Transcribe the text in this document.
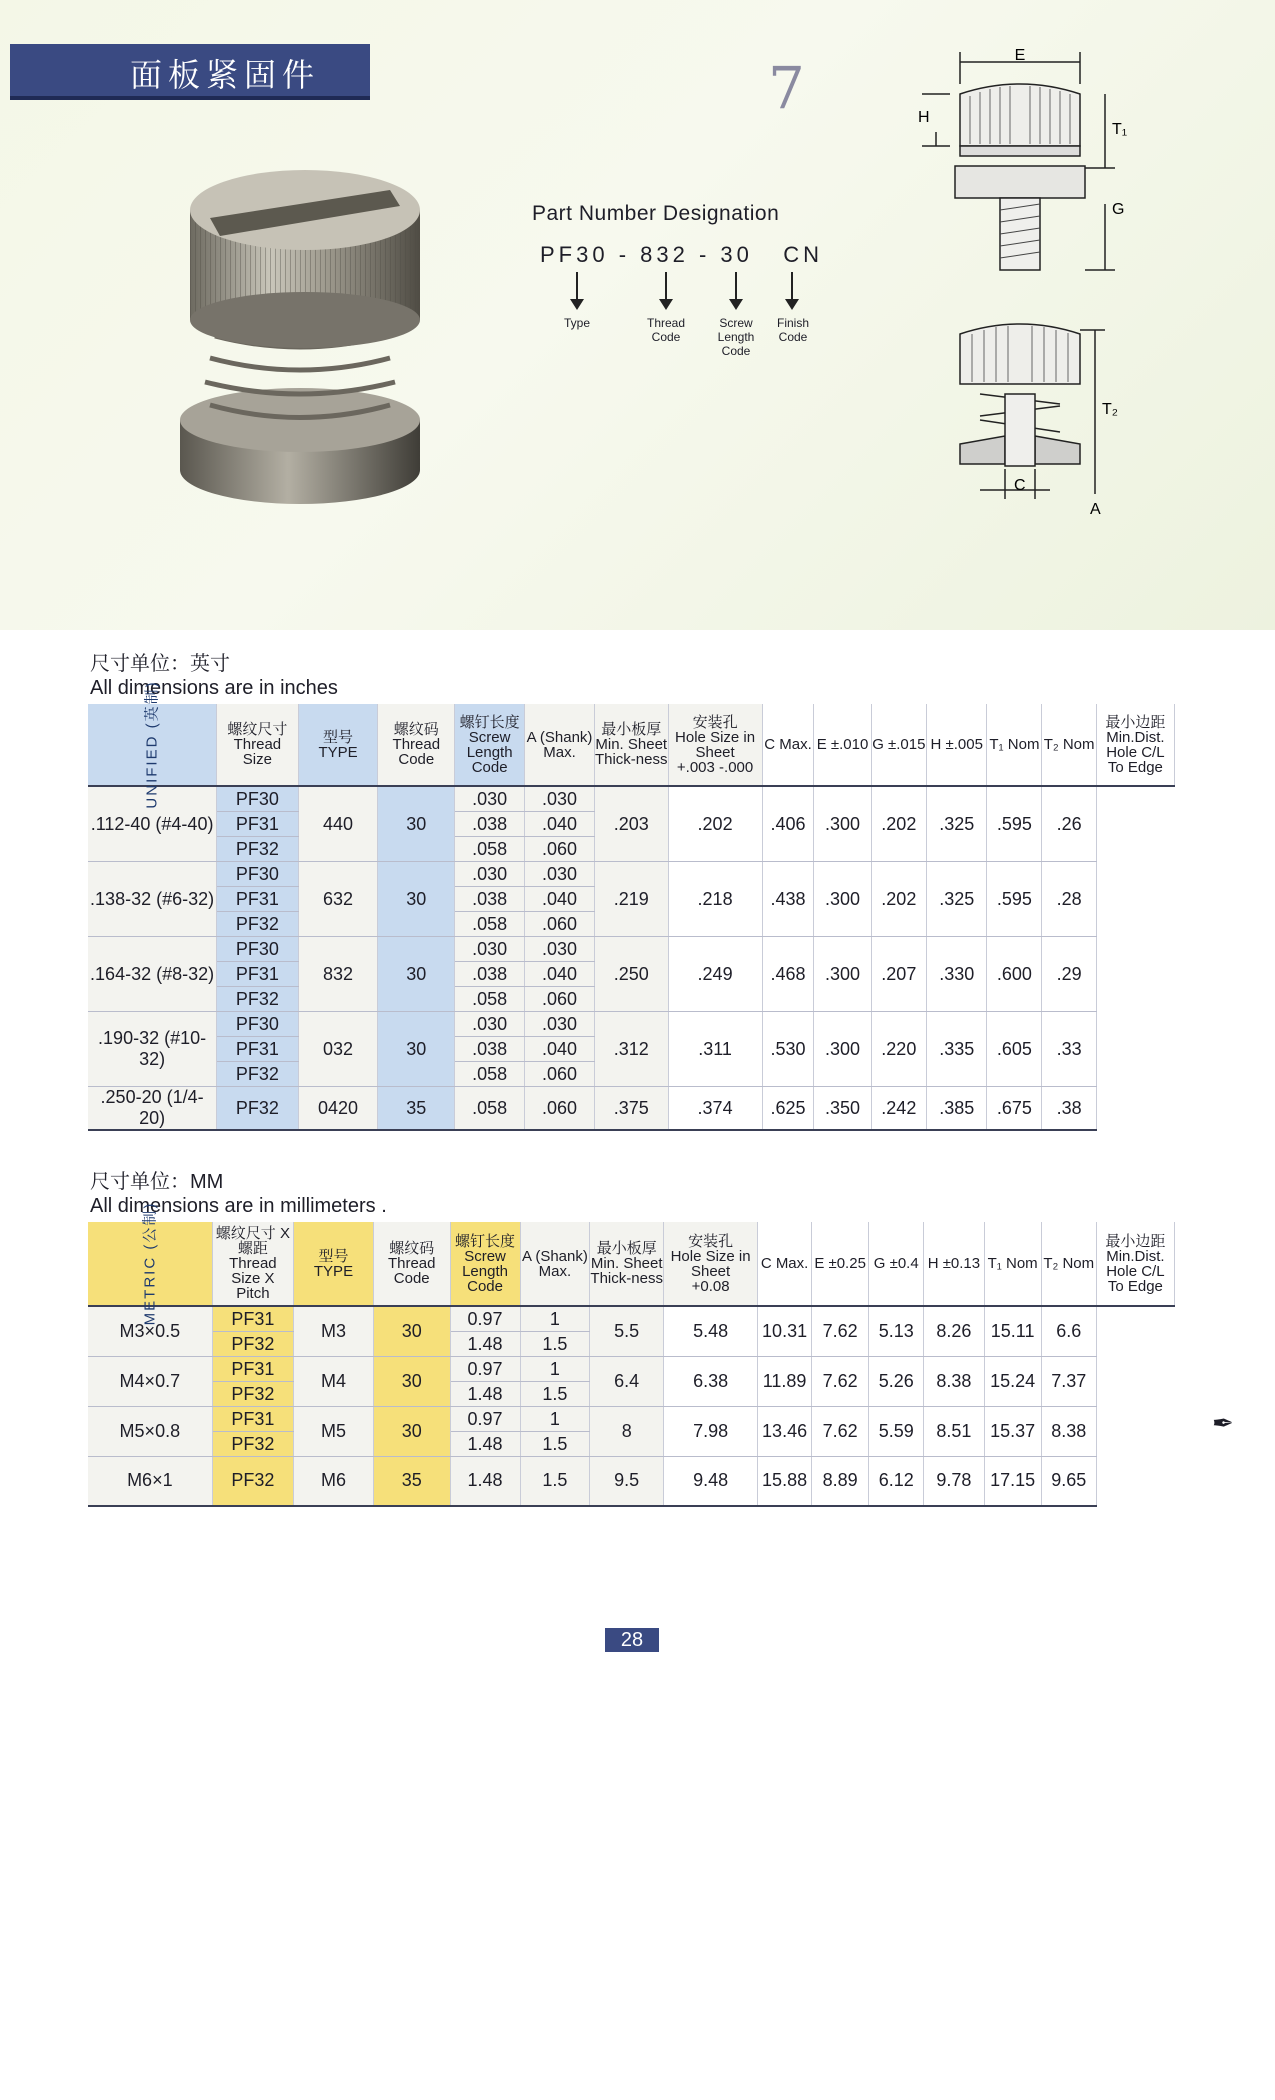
面板紧固件	7
Part Number Designation
PF30 - 832 - 30   CN
Type	Thread Code
Screw Length Code
Finish Code
E
H
T₁
G
T₂
C
A
尺寸单位：英寸
All dimensions are in inches
UNIFIED (英制)	螺纹尺寸
Thread Size	型号
TYPE	螺纹码
Thread Code	螺钉长度
Screw Length Code	A (Shank) Max.	最小板厚
Min. Sheet Thick-ness	安装孔
Hole Size in Sheet
+.003 -.000	C Max.	E ±.010	G ±.015	H ±.005	T₁ Nom	T₂ Nom	最小边距
Min.Dist. Hole C/L To Edge
.112-40 (#4-40)	PF30	440	30	.030	.030	.203	.202	.406	.300	.202	.325	.595	.26	
	PF31			.038	.040									
	PF32			.058	.060									
.138-32 (#6-32)	PF30	632	30	.030	.030	.219	.218	.438	.300	.202	.325	.595	.28	
	PF31			.038	.040									
	PF32			.058	.060									
.164-32 (#8-32)	PF30	832	30	.030	.030	.250	.249	.468	.300	.207	.330	.600	.29	
	PF31			.038	.040									
	PF32			.058	.060									
.190-32 (#10-32)	PF30	032	30	.030	.030	.312	.311	.530	.300	.220	.335	.605	.33	
	PF31			.038	.040									
	PF32			.058	.060									
.250-20 (1/4-20)	PF32	0420	35	.058	.060	.375	.374	.625	.350	.242	.385	.675	.38	
尺寸单位：MM
All dimensions are in millimeters .
METRIC (公制)	螺纹尺寸 X螺距
Thread Size X Pitch	型号
TYPE	螺纹码
Thread Code	螺钉长度
Screw Length Code	A (Shank) Max.	最小板厚
Min. Sheet Thick-ness	安装孔
Hole Size in Sheet
+0.08	C Max.	E ±0.25	G ±0.4	H ±0.13	T₁ Nom	T₂ Nom	最小边距
Min.Dist. Hole C/L To Edge
M3×0.5	PF31	M3	30	0.97	1	5.5	5.48	10.31	7.62	5.13	8.26	15.11	6.6	
	PF32			1.48	1.5									
M4×0.7	PF31	M4	30	0.97	1	6.4	6.38	11.89	7.62	5.26	8.38	15.24	7.37	
	PF32			1.48	1.5									
M5×0.8	PF31	M5	30	0.97	1	8	7.98	13.46	7.62	5.59	8.51	15.37	8.38	
	PF32			1.48	1.5									
M6×1	PF32	M6	35	1.48	1.5	9.5	9.48	15.88	8.89	6.12	9.78	17.15	9.65	
28
✒
